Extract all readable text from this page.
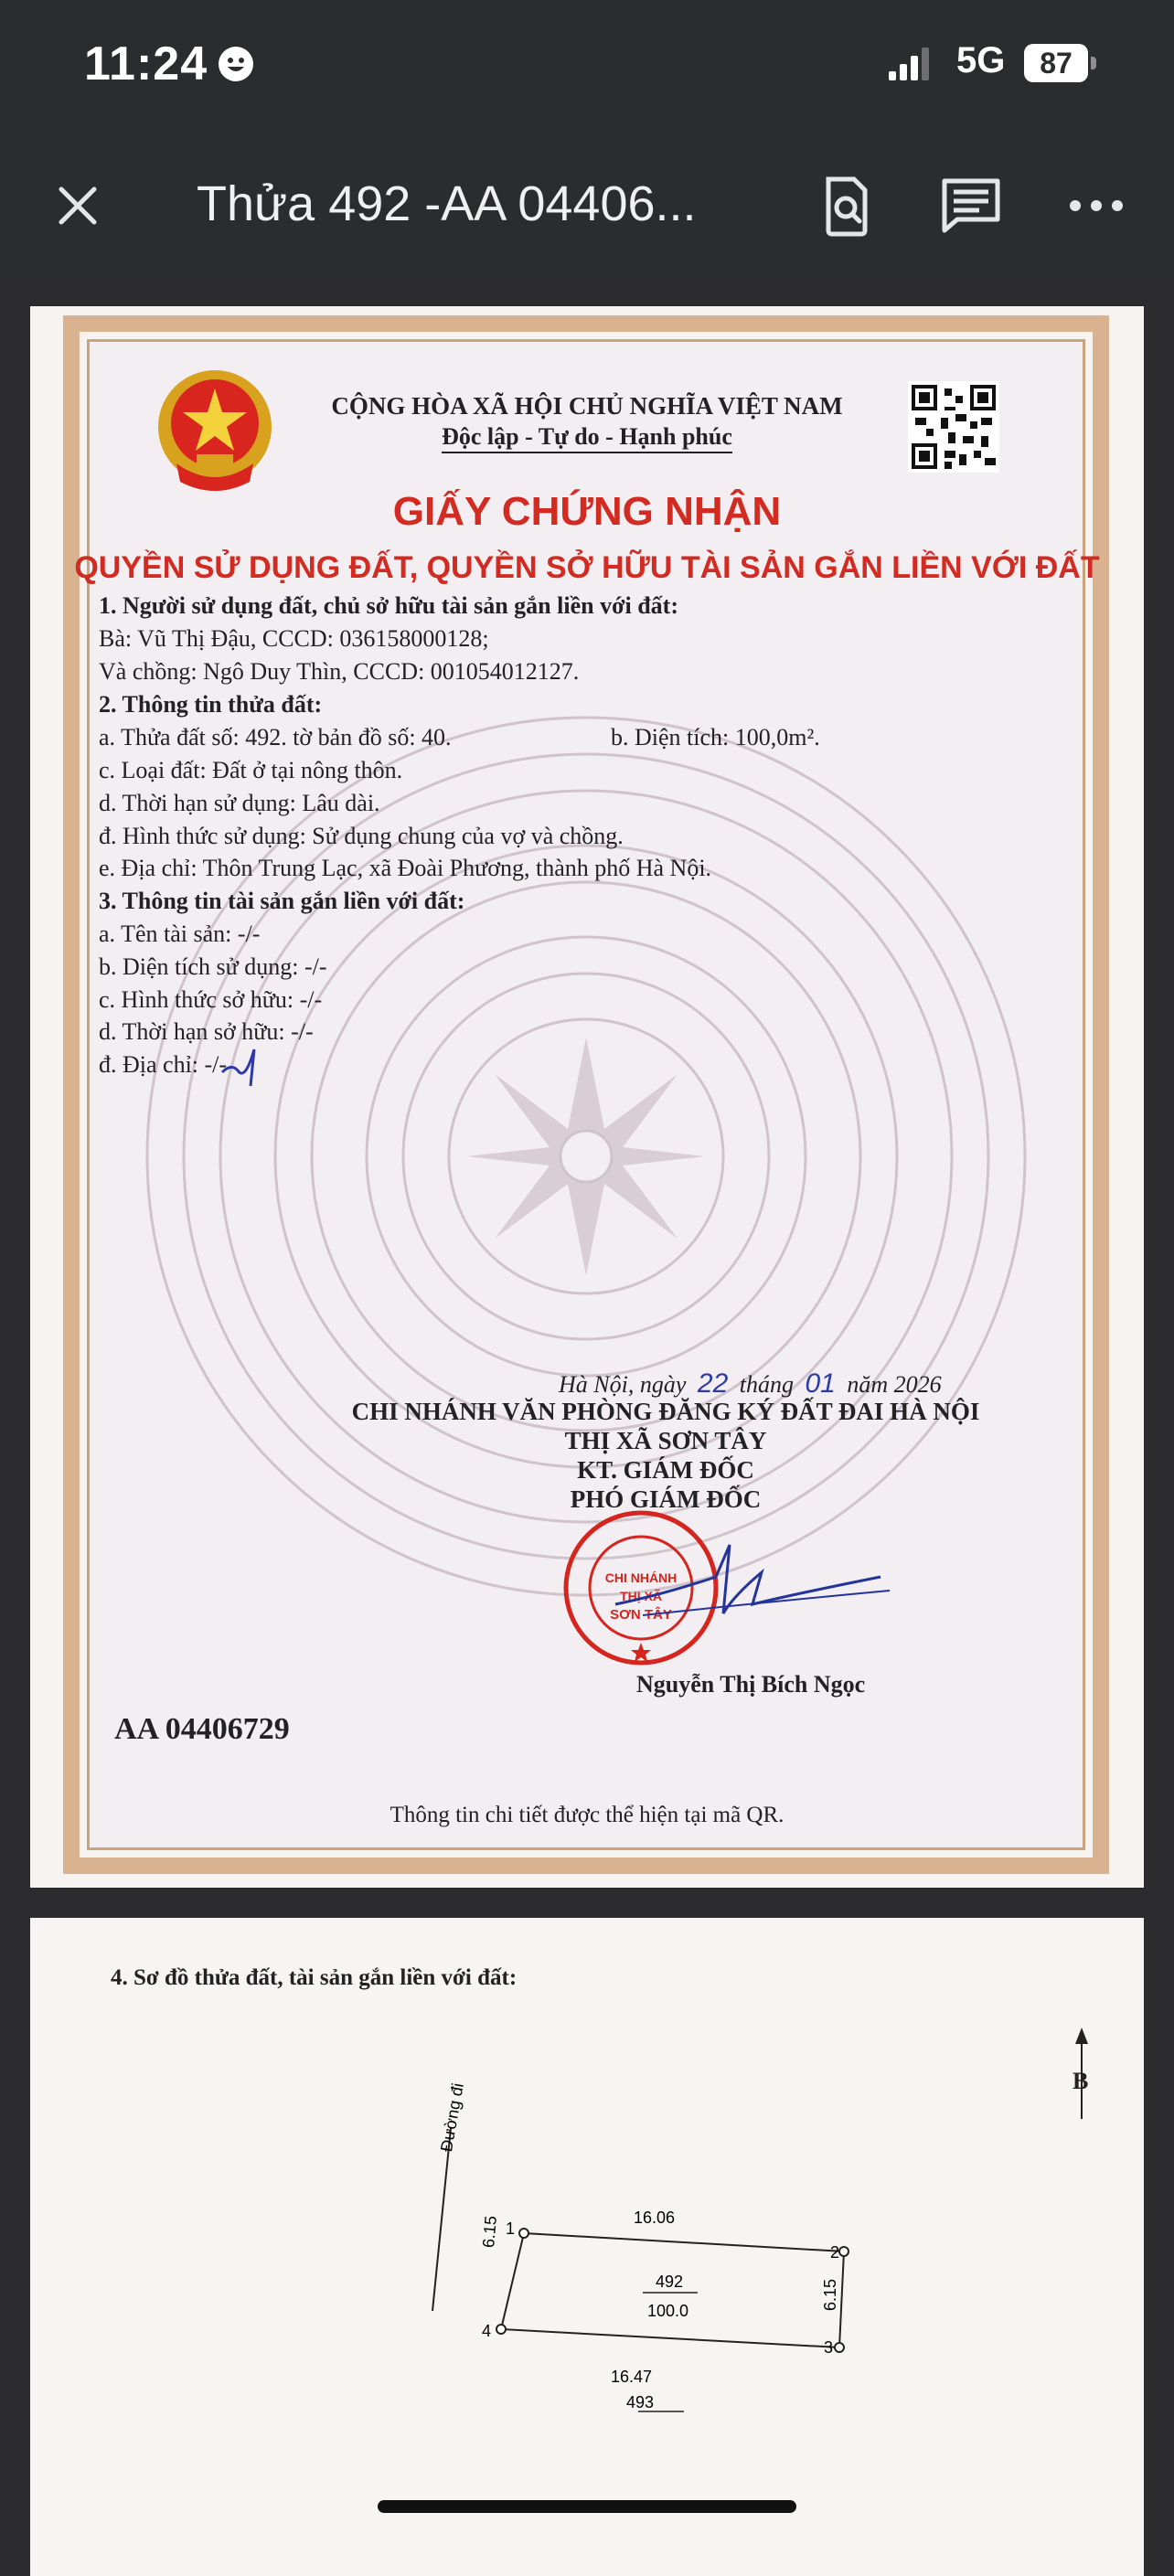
11:24	5G	87
Thửa 492 -AA 04406...
CỘNG HÒA XÃ HỘI CHỦ NGHĨA VIỆT NAM
Độc lập - Tự do - Hạnh phúc
GIẤY CHỨNG NHẬN
QUYỀN SỬ DỤNG ĐẤT, QUYỀN SỞ HỮU TÀI SẢN GẮN LIỀN VỚI ĐẤT
1. Người sử dụng đất, chủ sở hữu tài sản gắn liền với đất:
Bà: Vũ Thị Đậu, CCCD: 036158000128;
Và chồng: Ngô Duy Thìn, CCCD: 001054012127.
2. Thông tin thửa đất:
a. Thửa đất số: 492. tờ bản đồ số: 40.	b. Diện tích: 100,0m².
c. Loại đất: Đất ở tại nông thôn.
d. Thời hạn sử dụng: Lâu dài.
đ. Hình thức sử dụng: Sử dụng chung của vợ và chồng.
e. Địa chỉ: Thôn Trung Lạc, xã Đoài Phương, thành phố Hà Nội.
3. Thông tin tài sản gắn liền với đất:
a. Tên tài sản: -/-
b. Diện tích sử dụng: -/-
c. Hình thức sở hữu: -/-
d. Thời hạn sở hữu: -/-
đ. Địa chỉ: -/-
Hà Nội, ngày 22 tháng 01 năm 2026
CHI NHÁNH VĂN PHÒNG ĐĂNG KÝ ĐẤT ĐAI HÀ NỘI
THỊ XÃ SƠN TÂY
KT. GIÁM ĐỐC
PHÓ GIÁM ĐỐC
CHI NHÁNH
THỊ XÃ
SƠN TÂY
Nguyễn Thị Bích Ngọc
AA 04406729
Thông tin chi tiết được thể hiện tại mã QR.
4. Sơ đồ thửa đất, tài sản gắn liền với đất:
B
Đường đi
6.15
6.15
16.06
16.47
492
100.0
493
1
2
3
4
